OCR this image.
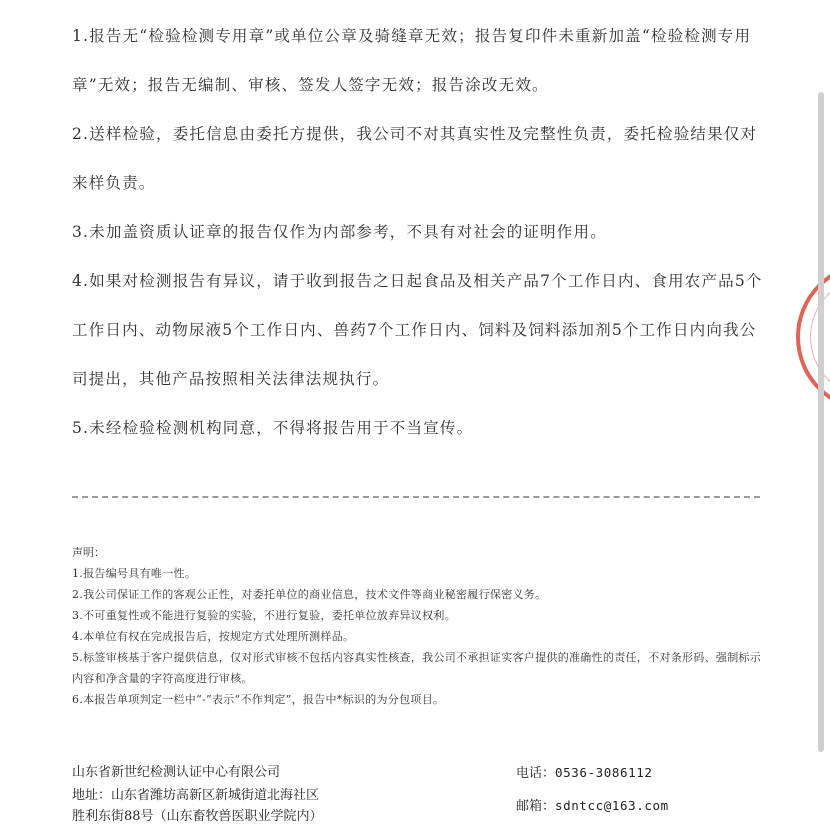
1.报告无“检验检测专用章”或单位公章及骑缝章无效；报告复印件未重新加盖“检验检测专用章”无效；报告无编制、审核、签发人签字无效；报告涂改无效。

2.送样检验，委托信息由委托方提供，我公司不对其真实性及完整性负责，委托检验结果仅对来样负责。

3.未加盖资质认证章的报告仅作为内部参考，不具有对社会的证明作用。

4.如果对检测报告有异议，请于收到报告之日起食品及相关产品7个工作日内、食用农产品5个工作日内、动物尿液5个工作日内、兽药7个工作日内、饲料及饲料添加剂5个工作日内向我公司提出，其他产品按照相关法律法规执行。

5.未经检验检测机构同意，不得将报告用于不当宣传。

声明：

1.报告编号具有唯一性。

2.我公司保证工作的客观公正性，对委托单位的商业信息，技术文件等商业秘密履行保密义务。

3.不可重复性或不能进行复验的实验，不进行复验，委托单位放弃异议权利。

4.本单位有权在完成报告后，按规定方式处理所测样品。

5.标签审核基于客户提供信息，仅对形式审核不包括内容真实性核查，我公司不承担证实客户提供的准确性的责任，不对条形码、强制标示内容和净含量的字符高度进行审核。

6.本报告单项判定一栏中“-”表示“不作判定”，报告中*标识的为分包项目。

山东省新世纪检测认证中心有限公司

地址：山东省潍坊高新区新城街道北海社区

胜利东街88号（山东畜牧兽医职业学院内）

电话：0536-3086112

邮箱：sdntcc@163.com
